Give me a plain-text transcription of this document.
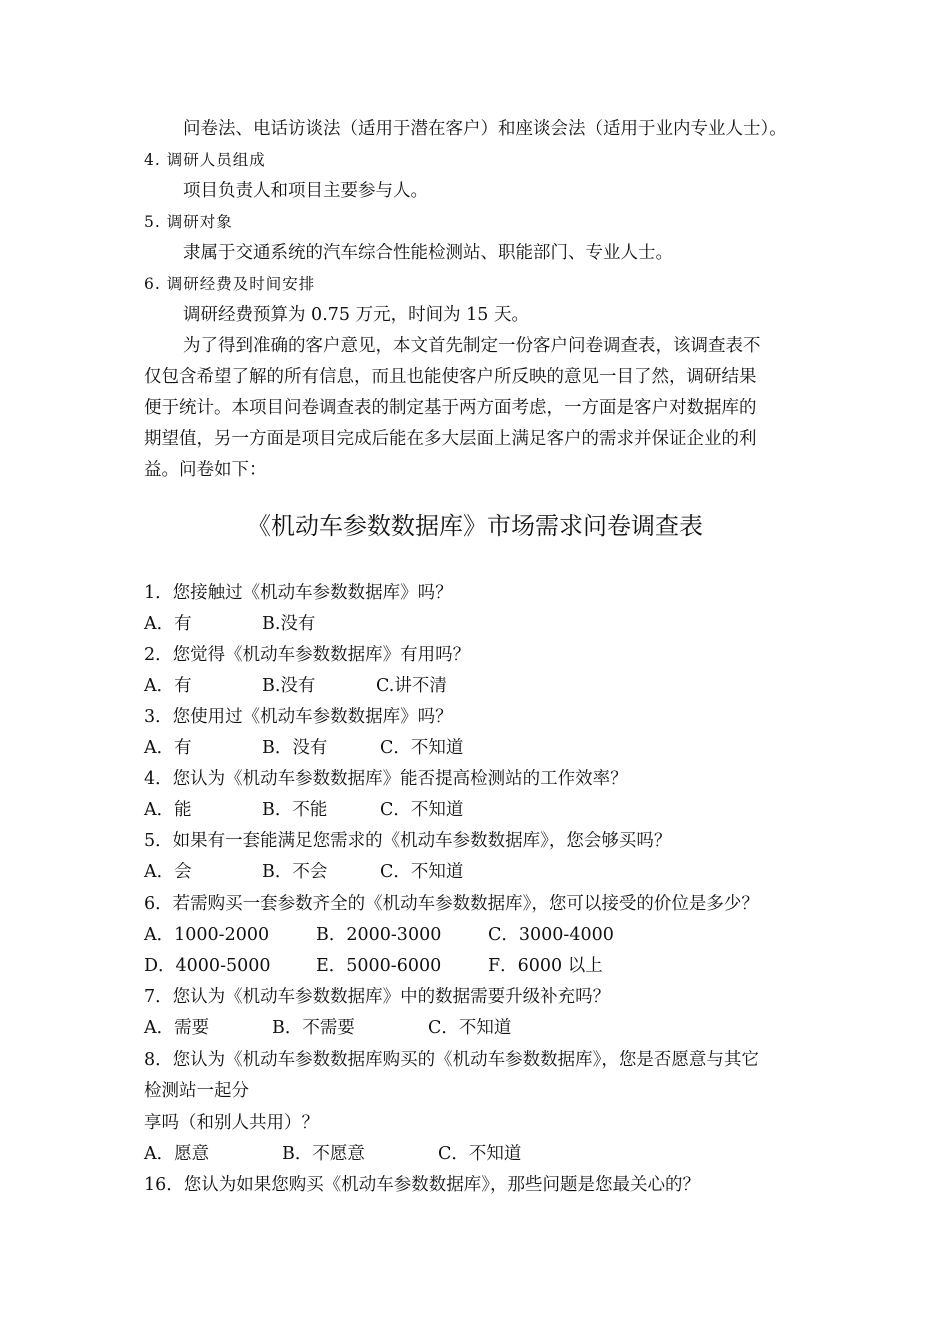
问卷法、电话访谈法（适用于潜在客户）和座谈会法（适用于业内专业人士）。
4. 调研人员组成
项目负责人和项目主要参与人。
5. 调研对象
隶属于交通系统的汽车综合性能检测站、职能部门、专业人士。
6. 调研经费及时间安排
调研经费预算为 0.75 万元，时间为 15 天。
为了得到准确的客户意见，本文首先制定一份客户问卷调查表，该调查表不
仅包含希望了解的所有信息，而且也能使客户所反映的意见一目了然，调研结果
便于统计。本项目问卷调查表的制定基于两方面考虑，一方面是客户对数据库的
期望值，另一方面是项目完成后能在多大层面上满足客户的需求并保证企业的利
益。问卷如下：
《机动车参数数据库》市场需求问卷调查表
1．您接触过《机动车参数数据库》吗？
A．有	B.没有
2．您觉得《机动车参数数据库》有用吗？
A．有	B.没有	C.讲不清
3．您使用过《机动车参数数据库》吗？
A．有	B．没有	C．不知道
4．您认为《机动车参数数据库》能否提高检测站的工作效率？
A．能	B．不能	C．不知道
5．如果有一套能满足您需求的《机动车参数数据库》，您会够买吗？
A．会	B．不会	C．不知道
6．若需购买一套参数齐全的《机动车参数数据库》，您可以接受的价位是多少？
A．1000-2000	B．2000-3000	C．3000-4000
D．4000-5000	E．5000-6000	F．6000 以上
7．您认为《机动车参数数据库》中的数据需要升级补充吗？
A．需要	B．不需要	C．不知道
8．您认为《机动车参数数据库购买的《机动车参数数据库》，您是否愿意与其它
检测站一起分
享吗（和别人共用）？
A．愿意	B．不愿意	C．不知道
16．您认为如果您购买《机动车参数数据库》，那些问题是您最关心的？
